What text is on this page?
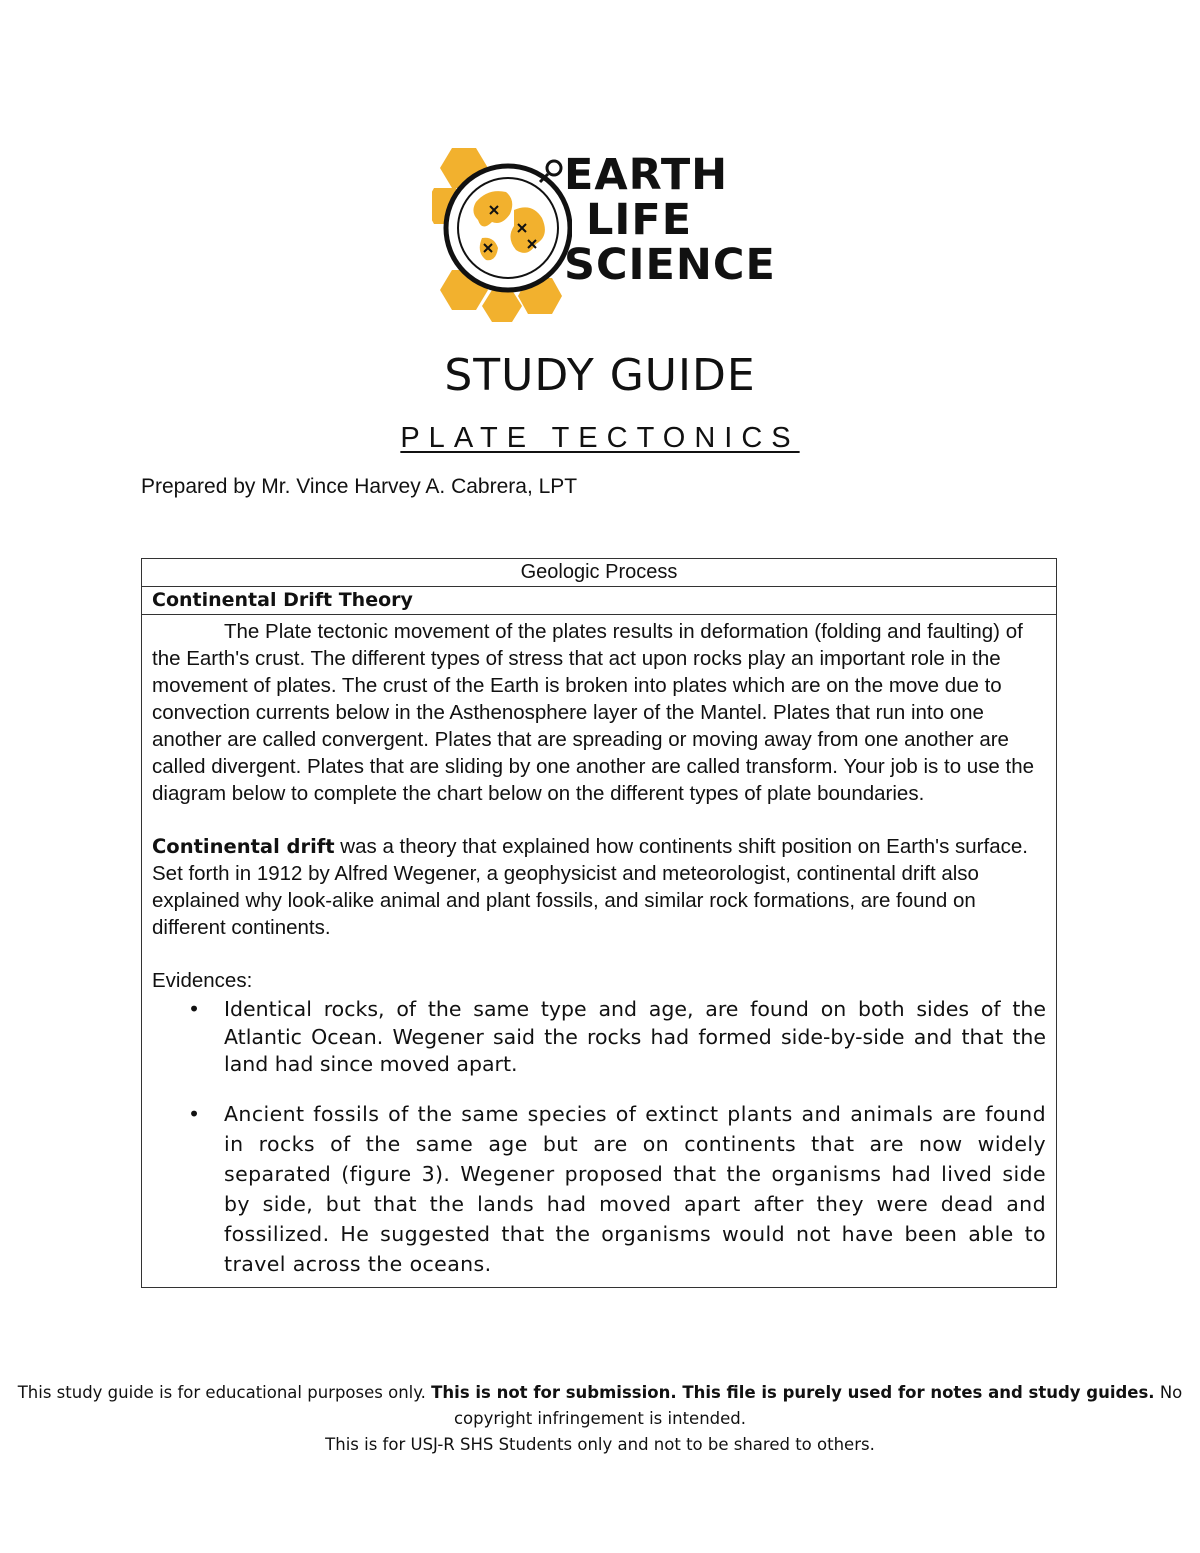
EARTH
LIFE
SCIENCE
STUDY GUIDE
PLATE TECTONICS
Prepared by Mr. Vince Harvey A. Cabrera, LPT
Geologic Process
Continental Drift Theory

The Plate tectonic movement of the plates results in deformation (folding and faulting) of the Earth's crust. The different types of stress that act upon rocks play an important role in the movement of plates. The crust of the Earth is broken into plates which are on the move due to convection currents below in the Asthenosphere layer of the Mantel. Plates that run into one another are called convergent. Plates that are spreading or moving away from one another are called divergent. Plates that are sliding by one another are called transform. Your job is to use the diagram below to complete the chart below on the different types of plate boundaries.

Continental drift was a theory that explained how continents shift position on Earth's surface. Set forth in 1912 by Alfred Wegener, a geophysicist and meteorologist, continental drift also explained why look-alike animal and plant fossils, and similar rock formations, are found on different continents.

Evidences:

• Identical rocks, of the same type and age, are found on both sides of the Atlantic Ocean. Wegener said the rocks had formed side-by-side and that the land had since moved apart.
• Ancient fossils of the same species of extinct plants and animals are found in rocks of the same age but are on continents that are now widely separated (figure 3). Wegener proposed that the organisms had lived side by side, but that the lands had moved apart after they were dead and fossilized. He suggested that the organisms would not have been able to travel across the oceans.
This study guide is for educational purposes only. This is not for submission. This file is purely used for notes and study guides. No copyright infringement is intended.
This is for USJ-R SHS Students only and not to be shared to others.
